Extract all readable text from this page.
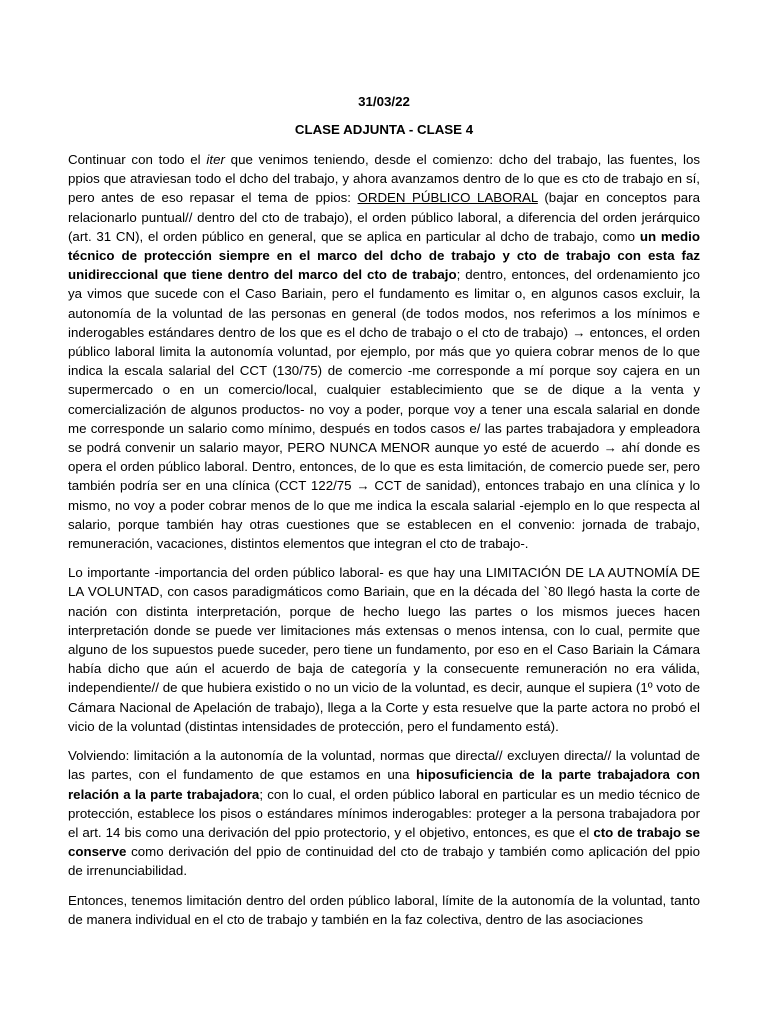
31/03/22
CLASE ADJUNTA - CLASE 4

Continuar con todo el iter que venimos teniendo, desde el comienzo: dcho del trabajo, las fuentes, los ppios que atraviesan todo el dcho del trabajo, y ahora avanzamos dentro de lo que es cto de trabajo en sí, pero antes de eso repasar el tema de ppios: ORDEN PÚBLICO LABORAL (bajar en conceptos para relacionarlo puntual// dentro del cto de trabajo), el orden público laboral, a diferencia del orden jerárquico (art. 31 CN), el orden público en general, que se aplica en particular al dcho de trabajo, como un medio técnico de protección siempre en el marco del dcho de trabajo y cto de trabajo con esta faz unidireccional que tiene dentro del marco del cto de trabajo; dentro, entonces, del ordenamiento jco ya vimos que sucede con el Caso Bariain, pero el fundamento es limitar o, en algunos casos excluir, la autonomía de la voluntad de las personas en general (de todos modos, nos referimos a los mínimos e inderogables estándares dentro de los que es el dcho de trabajo o el cto de trabajo) → entonces, el orden público laboral limita la autonomía voluntad, por ejemplo, por más que yo quiera cobrar menos de lo que indica la escala salarial del CCT (130/75) de comercio -me corresponde a mí porque soy cajera en un supermercado o en un comercio/local, cualquier establecimiento que se de dique a la venta y comercialización de algunos productos- no voy a poder, porque voy a tener una escala salarial en donde me corresponde un salario como mínimo, después en todos casos e/ las partes trabajadora y empleadora se podrá convenir un salario mayor, PERO NUNCA MENOR aunque yo esté de acuerdo → ahí donde es opera el orden público laboral. Dentro, entonces, de lo que es esta limitación, de comercio puede ser, pero también podría ser en una clínica (CCT 122/75 → CCT de sanidad), entonces trabajo en una clínica y lo mismo, no voy a poder cobrar menos de lo que me indica la escala salarial -ejemplo en lo que respecta al salario, porque también hay otras cuestiones que se establecen en el convenio: jornada de trabajo, remuneración, vacaciones, distintos elementos que integran el cto de trabajo-.

Lo importante -importancia del orden público laboral- es que hay una LIMITACIÓN DE LA AUTNOMÍA DE LA VOLUNTAD, con casos paradigmáticos como Bariain, que en la década del `80 llegó hasta la corte de nación con distinta interpretación, porque de hecho luego las partes o los mismos jueces hacen interpretación donde se puede ver limitaciones más extensas o menos intensa, con lo cual, permite que alguno de los supuestos puede suceder, pero tiene un fundamento, por eso en el Caso Bariain la Cámara había dicho que aún el acuerdo de baja de categoría y la consecuente remuneración no era válida, independiente// de que hubiera existido o no un vicio de la voluntad, es decir, aunque el supiera (1º voto de Cámara Nacional de Apelación de trabajo), llega a la Corte y esta resuelve que la parte actora no probó el vicio de la voluntad (distintas intensidades de protección, pero el fundamento está).

Volviendo: limitación a la autonomía de la voluntad, normas que directa// excluyen directa// la voluntad de las partes, con el fundamento de que estamos en una hiposuficiencia de la parte trabajadora con relación a la parte trabajadora; con lo cual, el orden público laboral en particular es un medio técnico de protección, establece los pisos o estándares mínimos inderogables: proteger a la persona trabajadora por el art. 14 bis como una derivación del ppio protectorio, y el objetivo, entonces, es que el cto de trabajo se conserve como derivación del ppio de continuidad del cto de trabajo y también como aplicación del ppio de irrenunciabilidad.

Entonces, tenemos limitación dentro del orden público laboral, límite de la autonomía de la voluntad, tanto de manera individual en el cto de trabajo y también en la faz colectiva, dentro de las asociaciones
